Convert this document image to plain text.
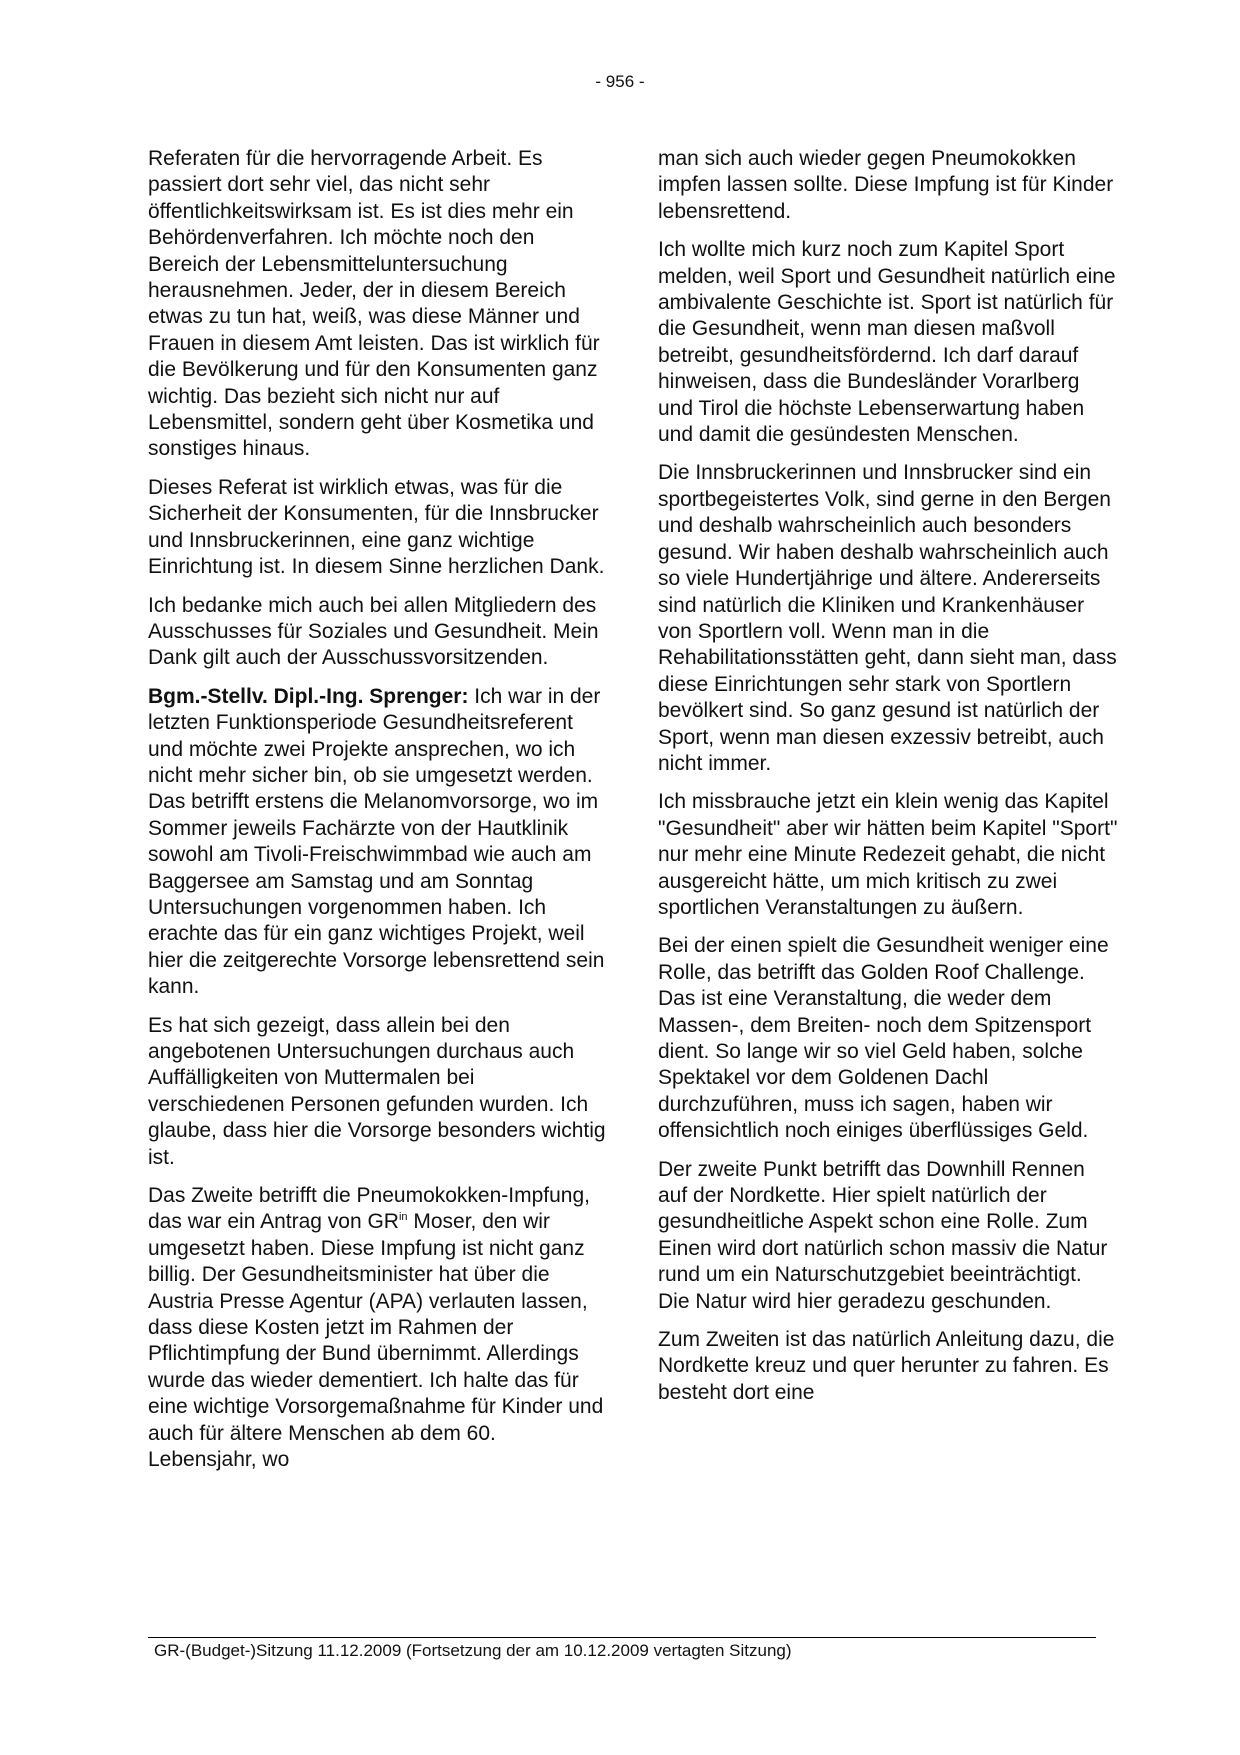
- 956 -

Referaten für die hervorragende Arbeit. Es passiert dort sehr viel, das nicht sehr öffentlichkeitswirksam ist. Es ist dies mehr ein Behördenverfahren. Ich möchte noch den Bereich der Lebensmitteluntersuchung herausnehmen. Jeder, der in diesem Bereich etwas zu tun hat, weiß, was diese Männer und Frauen in diesem Amt leisten. Das ist wirklich für die Bevölkerung und für den Konsumenten ganz wichtig. Das bezieht sich nicht nur auf Lebensmittel, sondern geht über Kosmetika und sonstiges hinaus.

Dieses Referat ist wirklich etwas, was für die Sicherheit der Konsumenten, für die Innsbrucker und Innsbruckerinnen, eine ganz wichtige Einrichtung ist. In diesem Sinne herzlichen Dank.

Ich bedanke mich auch bei allen Mitgliedern des Ausschusses für Soziales und Gesundheit. Mein Dank gilt auch der Ausschussvorsitzenden.

Bgm.-Stellv. Dipl.-Ing. Sprenger: Ich war in der letzten Funktionsperiode Gesundheitsreferent und möchte zwei Projekte ansprechen, wo ich nicht mehr sicher bin, ob sie umgesetzt werden. Das betrifft erstens die Melanomvorsorge, wo im Sommer jeweils Fachärzte von der Hautklinik sowohl am Tivoli-Freischwimmbad wie auch am Baggersee am Samstag und am Sonntag Untersuchungen vorgenommen haben. Ich erachte das für ein ganz wichtiges Projekt, weil hier die zeitgerechte Vorsorge lebensrettend sein kann.

Es hat sich gezeigt, dass allein bei den angebotenen Untersuchungen durchaus auch Auffälligkeiten von Muttermalen bei verschiedenen Personen gefunden wurden. Ich glaube, dass hier die Vorsorge besonders wichtig ist.

Das Zweite betrifft die Pneumokokken-Impfung, das war ein Antrag von $GR^{in}$ Moser, den wir umgesetzt haben. Diese Impfung ist nicht ganz billig. Der Gesundheitsminister hat über die Austria Presse Agentur (APA) verlauten lassen, dass diese Kosten jetzt im Rahmen der Pflichtimpfung der Bund übernimmt. Allerdings wurde das wieder dementiert. Ich halte das für eine wichtige Vorsorgemaßnahme für Kinder und auch für ältere Menschen ab dem 60. Lebensjahr, wo

man sich auch wieder gegen Pneumokokken impfen lassen sollte. Diese Impfung ist für Kinder lebensrettend.

Ich wollte mich kurz noch zum Kapitel Sport melden, weil Sport und Gesundheit natürlich eine ambivalente Geschichte ist. Sport ist natürlich für die Gesundheit, wenn man diesen maßvoll betreibt, gesundheitsfördernd. Ich darf darauf hinweisen, dass die Bundesländer Vorarlberg und Tirol die höchste Lebenserwartung haben und damit die gesündesten Menschen.

Die Innsbruckerinnen und Innsbrucker sind ein sportbegeistertes Volk, sind gerne in den Bergen und deshalb wahrscheinlich auch besonders gesund. Wir haben deshalb wahrscheinlich auch so viele Hundertjährige und ältere. Andererseits sind natürlich die Kliniken und Krankenhäuser von Sportlern voll. Wenn man in die Rehabilitationsstätten geht, dann sieht man, dass diese Einrichtungen sehr stark von Sportlern bevölkert sind. So ganz gesund ist natürlich der Sport, wenn man diesen exzessiv betreibt, auch nicht immer.

Ich missbrauche jetzt ein klein wenig das Kapitel "Gesundheit" aber wir hätten beim Kapitel "Sport" nur mehr eine Minute Redezeit gehabt, die nicht ausgereicht hätte, um mich kritisch zu zwei sportlichen Veranstaltungen zu äußern.

Bei der einen spielt die Gesundheit weniger eine Rolle, das betrifft das Golden Roof Challenge. Das ist eine Veranstaltung, die weder dem Massen-, dem Breiten- noch dem Spitzensport dient. So lange wir so viel Geld haben, solche Spektakel vor dem Goldenen Dachl durchzuführen, muss ich sagen, haben wir offensichtlich noch einiges überflüssiges Geld.

Der zweite Punkt betrifft das Downhill Rennen auf der Nordkette. Hier spielt natürlich der gesundheitliche Aspekt schon eine Rolle. Zum Einen wird dort natürlich schon massiv die Natur rund um ein Naturschutzgebiet beeinträchtigt. Die Natur wird hier geradezu geschunden.

Zum Zweiten ist das natürlich Anleitung dazu, die Nordkette kreuz und quer herunter zu fahren. Es besteht dort eine

GR-(Budget-)Sitzung 11.12.2009 (Fortsetzung der am 10.12.2009 vertagten Sitzung)
